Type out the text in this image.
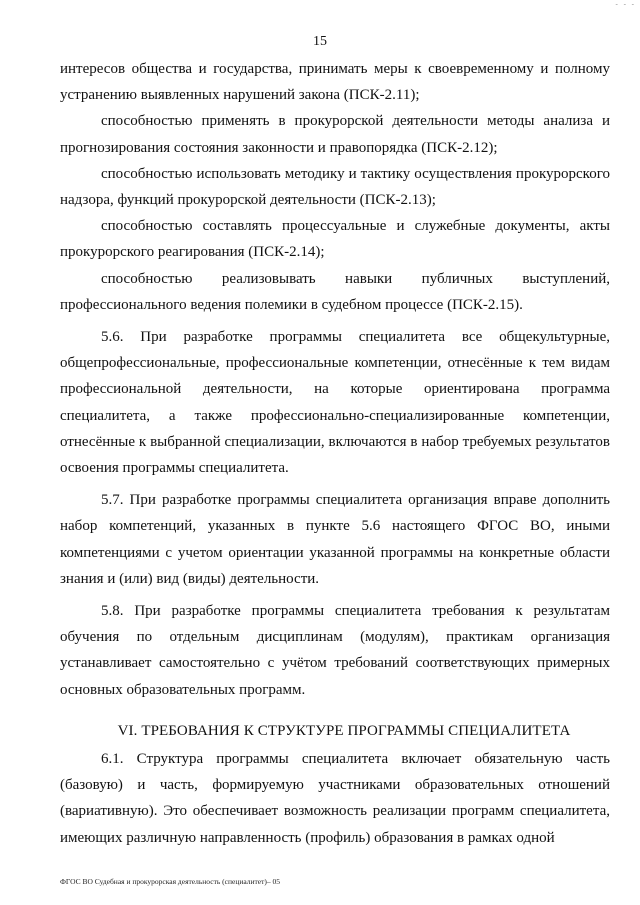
- - -
15

интересов общества и государства, принимать меры к своевременному и полному устранению выявленных нарушений закона (ПСК-2.11);

способностью применять в прокурорской деятельности методы анализа и прогнозирования состояния законности и правопорядка (ПСК-2.12);

способностью использовать методику и тактику осуществления прокурорского надзора, функций прокурорской деятельности (ПСК-2.13);

способностью составлять процессуальные и служебные документы, акты прокурорского реагирования (ПСК-2.14);

способностью реализовывать навыки публичных выступлений, профессионального ведения полемики в судебном процессе (ПСК-2.15).

5.6. При разработке программы специалитета все общекультурные, общепрофессиональные, профессиональные компетенции, отнесённые к тем видам профессиональной деятельности, на которые ориентирована программа специалитета, а также профессионально-специализированные компетенции, отнесённые к выбранной специализации, включаются в набор требуемых результатов освоения программы специалитета.

5.7. При разработке программы специалитета организация вправе дополнить набор компетенций, указанных в пункте 5.6 настоящего ФГОС ВО, иными компетенциями с учетом ориентации указанной программы на конкретные области знания и (или) вид (виды) деятельности.

5.8. При разработке программы специалитета требования к результатам обучения по отдельным дисциплинам (модулям), практикам организация устанавливает самостоятельно с учётом требований соответствующих примерных основных образовательных программ.

VI. ТРЕБОВАНИЯ К СТРУКТУРЕ ПРОГРАММЫ СПЕЦИАЛИТЕТА

6.1. Структура программы специалитета включает обязательную часть (базовую) и часть, формируемую участниками образовательных отношений (вариативную). Это обеспечивает возможность реализации программ специалитета, имеющих различную направленность (профиль) образования в рамках одной

ФГОС ВО Судебная и прокурорская деятельность (специалитет)– 05
